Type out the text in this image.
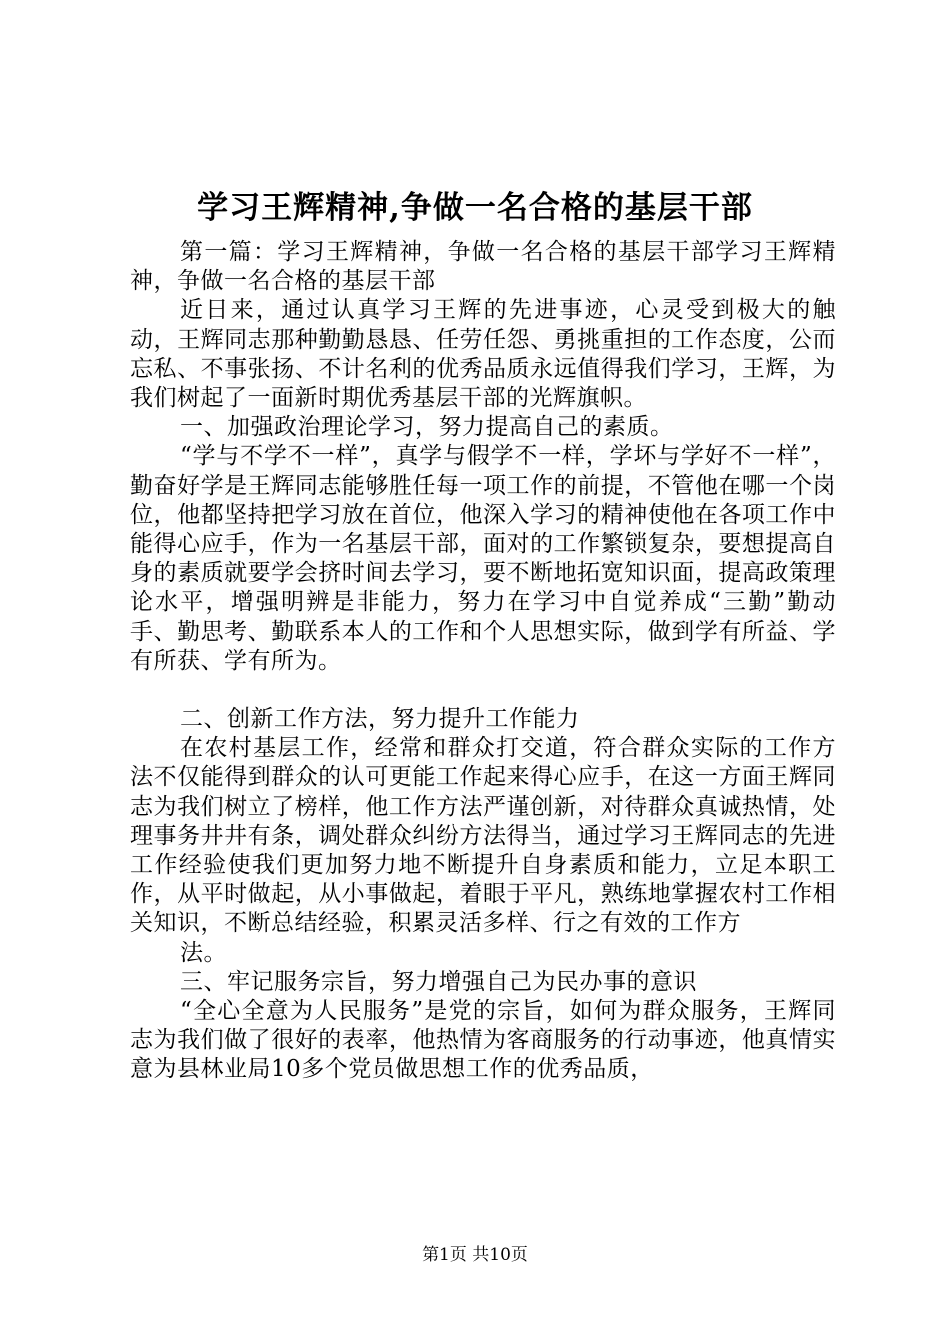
学习王辉精神,争做一名合格的基层干部

第一篇：学习王辉精神，争做一名合格的基层干部学习王辉精神，争做一名合格的基层干部

近日来，通过认真学习王辉的先进事迹，心灵受到极大的触动，王辉同志那种勤勤恳恳、任劳任怨、勇挑重担的工作态度，公而忘私、不事张扬、不计名利的优秀品质永远值得我们学习，王辉，为我们树起了一面新时期优秀基层干部的光辉旗帜。

一、加强政治理论学习，努力提高自己的素质。

“学与不学不一样”，真学与假学不一样，学坏与学好不一样”，勤奋好学是王辉同志能够胜任每一项工作的前提，不管他在哪一个岗位，他都坚持把学习放在首位，他深入学习的精神使他在各项工作中能得心应手，作为一名基层干部，面对的工作繁锁复杂，要想提高自身的素质就要学会挤时间去学习，要不断地拓宽知识面，提高政策理论水平，增强明辨是非能力，努力在学习中自觉养成“三勤”勤动手、勤思考、勤联系本人的工作和个人思想实际，做到学有所益、学有所获、学有所为。

二、创新工作方法，努力提升工作能力

在农村基层工作，经常和群众打交道，符合群众实际的工作方法不仅能得到群众的认可更能工作起来得心应手，在这一方面王辉同志为我们树立了榜样，他工作方法严谨创新，对待群众真诚热情，处理事务井井有条，调处群众纠纷方法得当，通过学习王辉同志的先进工作经验使我们更加努力地不断提升自身素质和能力，立足本职工作，从平时做起，从小事做起，着眼于平凡，熟练地掌握农村工作相关知识，不断总结经验，积累灵活多样、行之有效的工作方

法。

三、牢记服务宗旨，努力增强自己为民办事的意识

“全心全意为人民服务”是党的宗旨，如何为群众服务，王辉同志为我们做了很好的表率，他热情为客商服务的行动事迹，他真情实意为县林业局10多个党员做思想工作的优秀品质，

第1页 共10页
